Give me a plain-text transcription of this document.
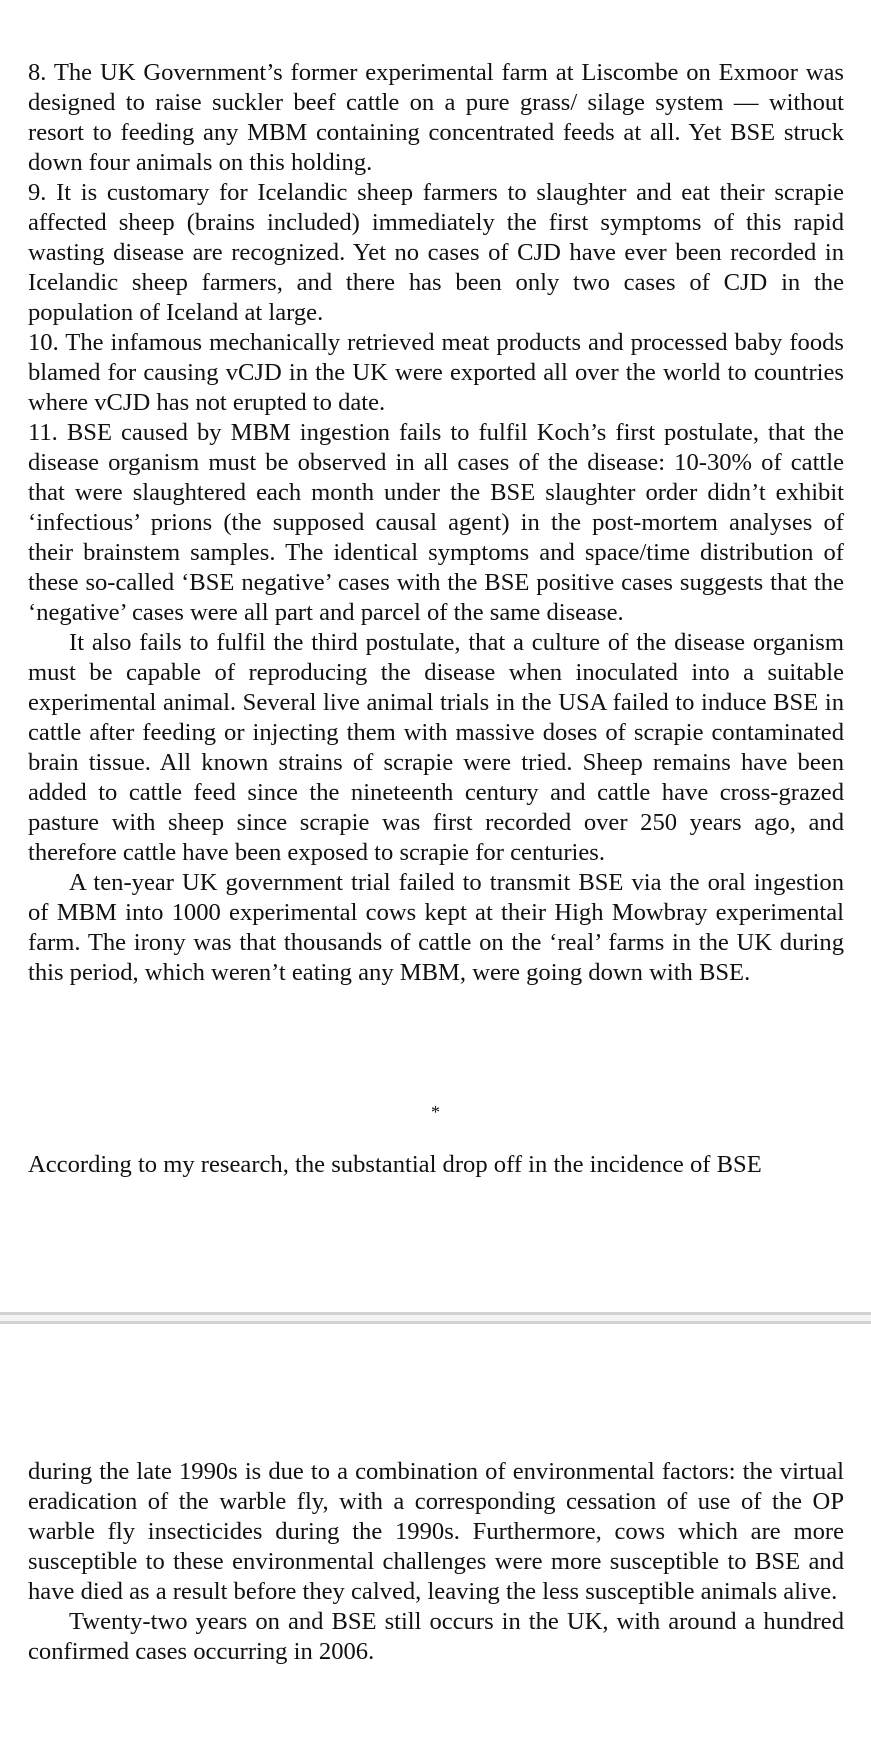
8. The UK Government’s former experimental farm at Liscombe on Exmoor was designed to raise suckler beef cattle on a pure grass/ silage system — without resort to feeding any MBM containing concentrated feeds at all. Yet BSE struck down four animals on this holding.

9. It is customary for Icelandic sheep farmers to slaughter and eat their scrapie affected sheep (brains included) immediately the first symptoms of this rapid wasting disease are recognized. Yet no cases of CJD have ever been recorded in Icelandic sheep farmers, and there has been only two cases of CJD in the population of Iceland at large.

10. The infamous mechanically retrieved meat products and processed baby foods blamed for causing vCJD in the UK were exported all over the world to countries where vCJD has not erupted to date.

11. BSE caused by MBM ingestion fails to fulfil Koch’s first postulate, that the disease organism must be observed in all cases of the disease: 10-30% of cattle that were slaughtered each month under the BSE slaughter order didn’t exhibit ‘infectious’ prions (the supposed causal agent) in the post-mortem analyses of their brainstem samples. The identical symptoms and space/time distribution of these so-called ‘BSE negative’ cases with the BSE positive cases suggests that the ‘negative’ cases were all part and parcel of the same disease.

It also fails to fulfil the third postulate, that a culture of the disease organism must be capable of reproducing the disease when inoculated into a suitable experimental animal. Several live animal trials in the USA failed to induce BSE in cattle after feeding or injecting them with massive doses of scrapie contaminated brain tissue. All known strains of scrapie were tried. Sheep remains have been added to cattle feed since the nineteenth century and cattle have cross-grazed pasture with sheep since scrapie was first recorded over 250 years ago, and therefore cattle have been exposed to scrapie for centuries.

A ten-year UK government trial failed to transmit BSE via the oral ingestion of MBM into 1000 experimental cows kept at their High Mowbray experimental farm. The irony was that thousands of cattle on the ‘real’ farms in the UK during this period, which weren’t eating any MBM, were going down with BSE.

*

According to my research, the substantial drop off in the incidence of BSE

during the late 1990s is due to a combination of environmental factors: the virtual eradication of the warble fly, with a corresponding cessation of use of the OP warble fly insecticides during the 1990s. Furthermore, cows which are more susceptible to these environmental challenges were more susceptible to BSE and have died as a result before they calved, leaving the less susceptible animals alive.

Twenty-two years on and BSE still occurs in the UK, with around a hundred confirmed cases occurring in 2006.
